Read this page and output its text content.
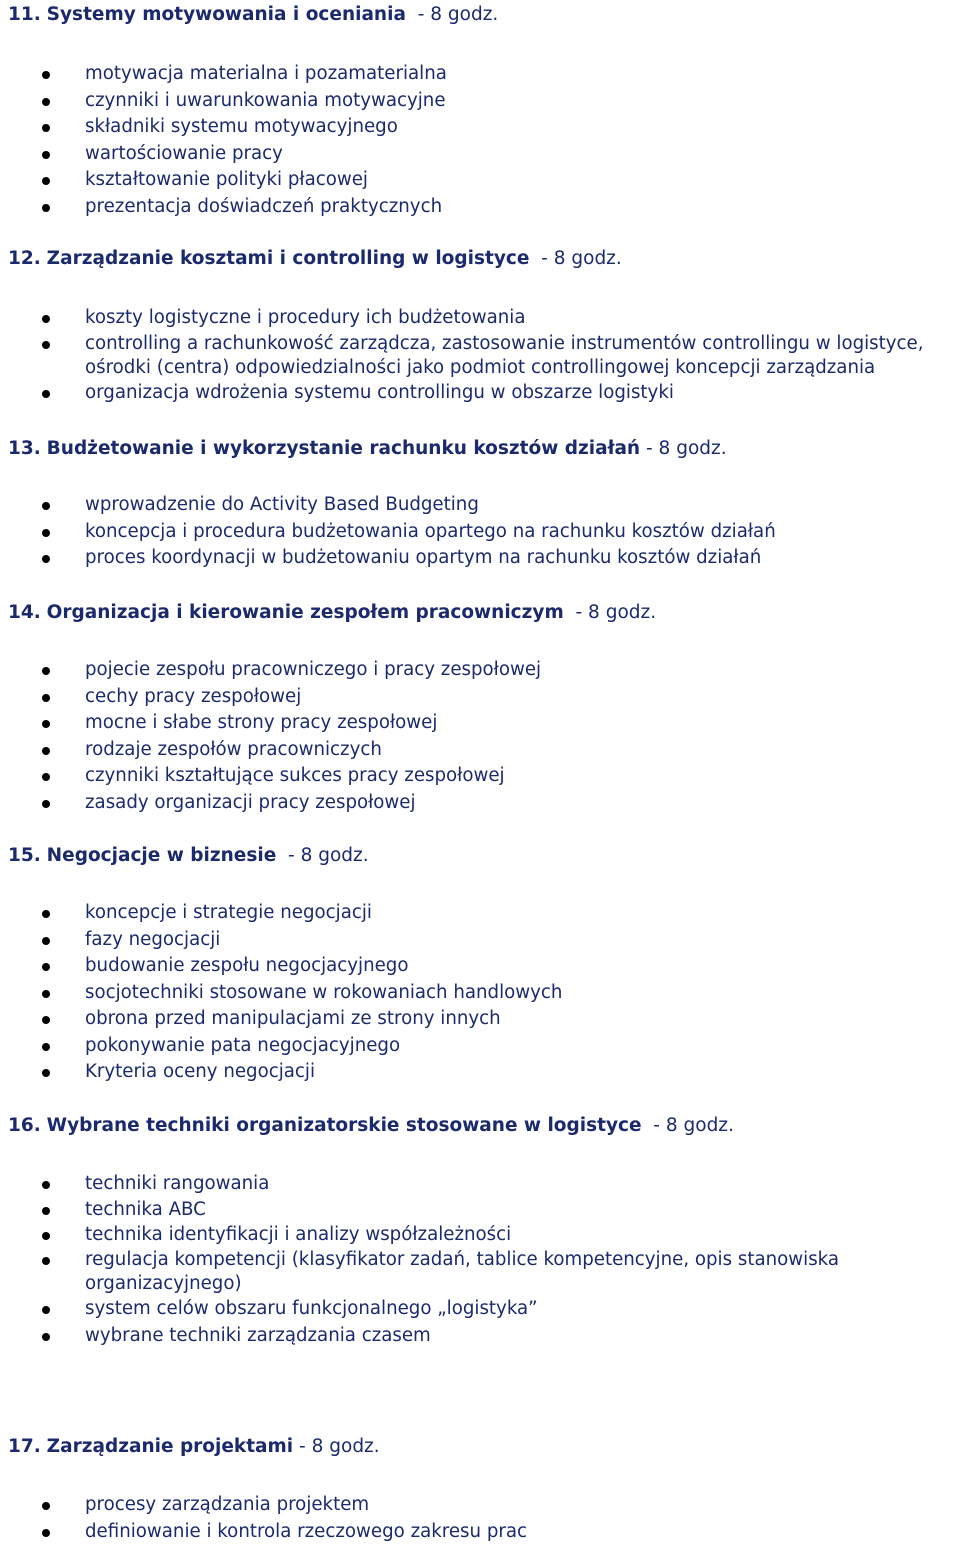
11. Systemy motywowania i oceniania - 8 godz.
motywacja materialna i pozamaterialna
czynniki i uwarunkowania motywacyjne
składniki systemu motywacyjnego
wartościowanie pracy
kształtowanie polityki płacowej
prezentacja doświadczeń praktycznych
12. Zarządzanie kosztami i controlling w logistyce - 8 godz.
koszty logistyczne i procedury ich budżetowania
controlling a rachunkowość zarządcza, zastosowanie instrumentów controllingu w logistyce, ośrodki (centra) odpowiedzialności jako podmiot controllingowej koncepcji zarządzania
organizacja wdrożenia systemu controllingu w obszarze logistyki
13. Budżetowanie i wykorzystanie rachunku kosztów działań - 8 godz.
wprowadzenie do Activity Based Budgeting
koncepcja i procedura budżetowania opartego na rachunku kosztów działań
proces koordynacji w budżetowaniu opartym na rachunku kosztów działań
14. Organizacja i kierowanie zespołem pracowniczym - 8 godz.
pojecie zespołu pracowniczego i pracy zespołowej
cechy pracy zespołowej
mocne i słabe strony pracy zespołowej
rodzaje zespołów pracowniczych
czynniki kształtujące sukces pracy zespołowej
zasady organizacji pracy zespołowej
15. Negocjacje w biznesie - 8 godz.
koncepcje i strategie negocjacji
fazy negocjacji
budowanie zespołu negocjacyjnego
socjotechniki stosowane w rokowaniach handlowych
obrona przed manipulacjami ze strony innych
pokonywanie pata negocjacyjnego
Kryteria oceny negocjacji
16. Wybrane techniki organizatorskie stosowane w logistyce - 8 godz.
techniki rangowania
technika ABC
technika identyfikacji i analizy współzależności
regulacja kompetencji (klasyfikator zadań, tablice kompetencyjne, opis stanowiska organizacyjnego)
system celów obszaru funkcjonalnego „logistyka”
wybrane techniki zarządzania czasem
17. Zarządzanie projektami - 8 godz.
procesy zarządzania projektem
definiowanie i kontrola rzeczowego zakresu prac
